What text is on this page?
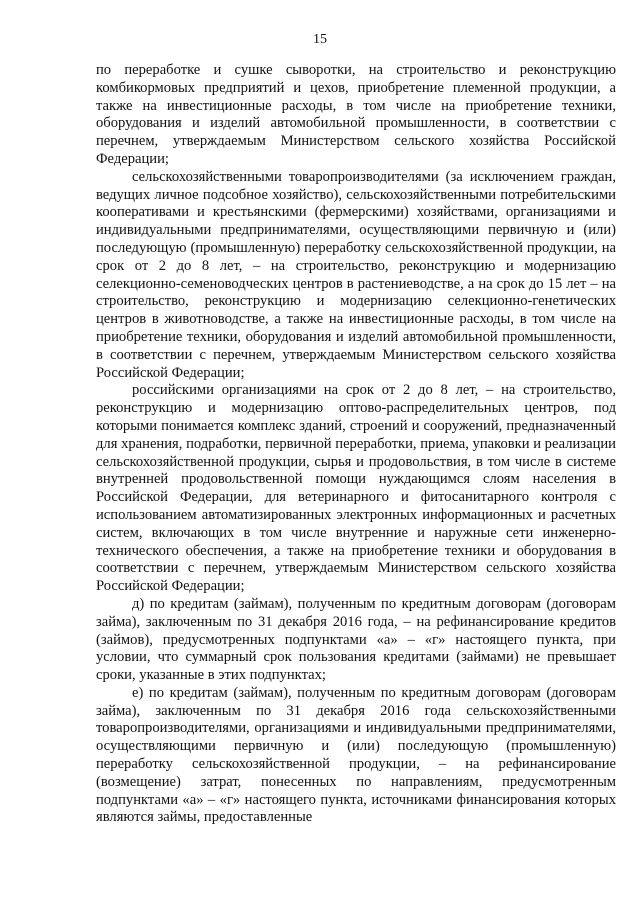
15

по переработке и сушке сыворотки, на строительство и реконструкцию комбикормовых предприятий и цехов, приобретение племенной продукции, а также на инвестиционные расходы, в том числе на приобретение техники, оборудования и изделий автомобильной промышленности, в соответствии с перечнем, утверждаемым Министерством сельского хозяйства Российской Федерации;

сельскохозяйственными товаропроизводителями (за исключением граждан, ведущих личное подсобное хозяйство), сельскохозяйственными потребительскими кооперативами и крестьянскими (фермерскими) хозяйствами, организациями и индивидуальными предпринимателями, осуществляющими первичную и (или) последующую (промышленную) переработку сельскохозяйственной продукции, на срок от 2 до 8 лет, – на строительство, реконструкцию и модернизацию селекционно-семеноводческих центров в растениеводстве, а на срок до 15 лет – на строительство, реконструкцию и модернизацию селекционно-генетических центров в животноводстве, а также на инвестиционные расходы, в том числе на приобретение техники, оборудования и изделий автомобильной промышленности, в соответствии с перечнем, утверждаемым Министерством сельского хозяйства Российской Федерации;

российскими организациями на срок от 2 до 8 лет, – на строительство, реконструкцию и модернизацию оптово-распределительных центров, под которыми понимается комплекс зданий, строений и сооружений, предназначенный для хранения, подработки, первичной переработки, приема, упаковки и реализации сельскохозяйственной продукции, сырья и продовольствия, в том числе в системе внутренней продовольственной помощи нуждающимся слоям населения в Российской Федерации, для ветеринарного и фитосанитарного контроля с использованием автоматизированных электронных информационных и расчетных систем, включающих в том числе внутренние и наружные сети инженерно-технического обеспечения, а также на приобретение техники и оборудования в соответствии с перечнем, утверждаемым Министерством сельского хозяйства Российской Федерации;

д) по кредитам (займам), полученным по кредитным договорам (договорам займа), заключенным по 31 декабря 2016 года, – на рефинансирование кредитов (займов), предусмотренных подпунктами «а» – «г» настоящего пункта, при условии, что суммарный срок пользования кредитами (займами) не превышает сроки, указанные в этих подпунктах;

е) по кредитам (займам), полученным по кредитным договорам (договорам займа), заключенным по 31 декабря 2016 года сельскохозяйственными товаропроизводителями, организациями и индивидуальными предпринимателями, осуществляющими первичную и (или) последующую (промышленную) переработку сельскохозяйственной продукции, – на рефинансирование (возмещение) затрат, понесенных по направлениям, предусмотренным подпунктами «а» – «г» настоящего пункта, источниками финансирования которых являются займы, предоставленные
